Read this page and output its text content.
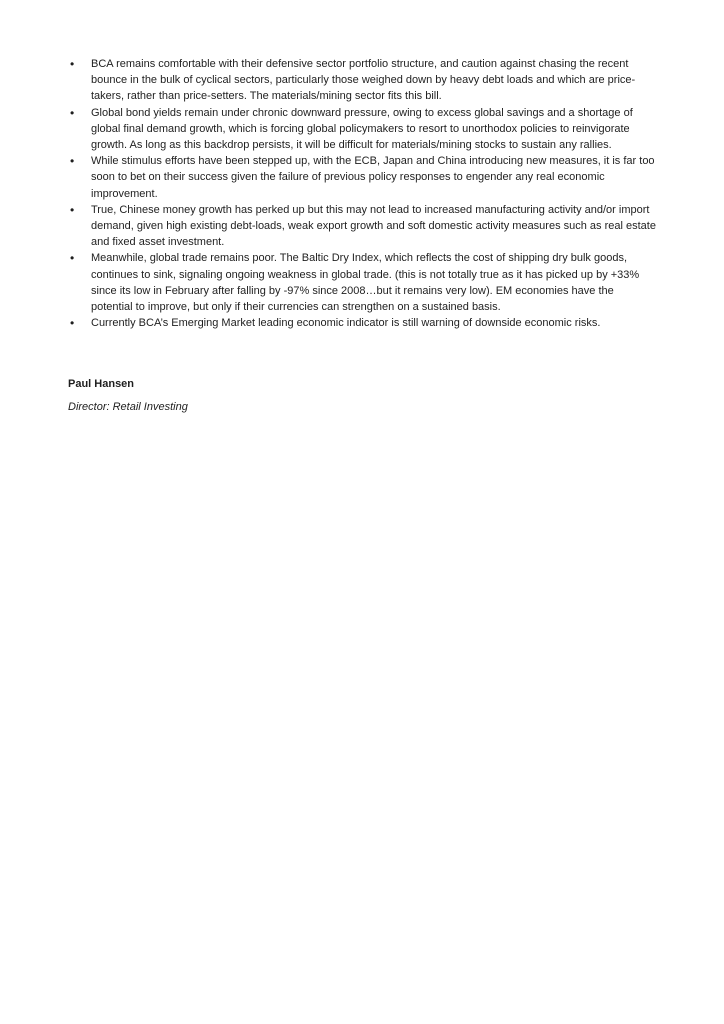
• BCA remains comfortable with their defensive sector portfolio structure, and caution against chasing the recent bounce in the bulk of cyclical sectors, particularly those weighed down by heavy debt loads and which are price-takers, rather than price-setters. The materials/mining sector fits this bill.
• Global bond yields remain under chronic downward pressure, owing to excess global savings and a shortage of global final demand growth, which is forcing global policymakers to resort to unorthodox policies to reinvigorate growth. As long as this backdrop persists, it will be difficult for materials/mining stocks to sustain any rallies.
• While stimulus efforts have been stepped up, with the ECB, Japan and China introducing new measures, it is far too soon to bet on their success given the failure of previous policy responses to engender any real economic improvement.
• True, Chinese money growth has perked up but this may not lead to increased manufacturing activity and/or import demand, given high existing debt-loads, weak export growth and soft domestic activity measures such as real estate and fixed asset investment.
• Meanwhile, global trade remains poor. The Baltic Dry Index, which reflects the cost of shipping dry bulk goods, continues to sink, signaling ongoing weakness in global trade. (this is not totally true as it has picked up by +33% since its low in February after falling by -97% since 2008…but it remains very low). EM economies have the potential to improve, but only if their currencies can strengthen on a sustained basis.
• Currently BCA’s Emerging Market leading economic indicator is still warning of downside economic risks.
Paul Hansen
Director: Retail Investing
